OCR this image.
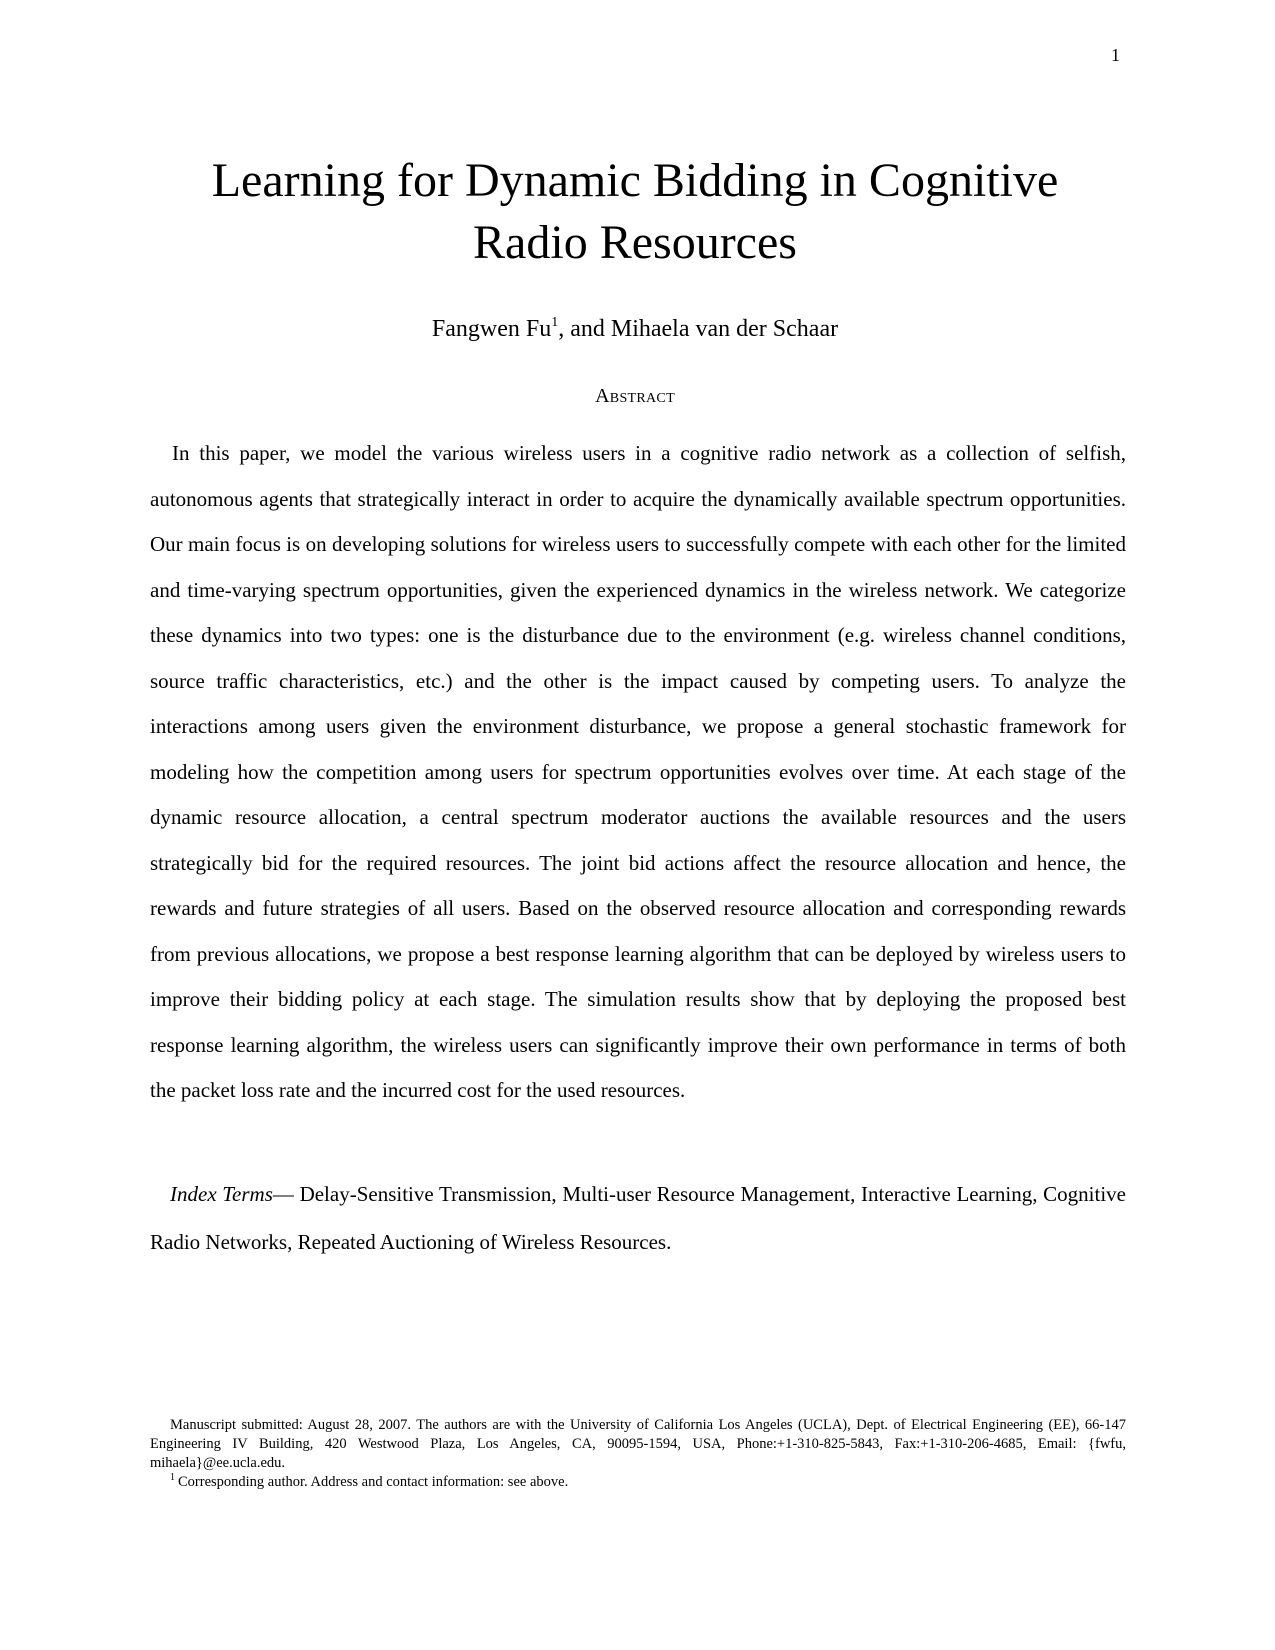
1
Learning for Dynamic Bidding in Cognitive
Radio Resources
Fangwen Fu$^1$, and Mihaela van der Schaar
Abstract

In this paper, we model the various wireless users in a cognitive radio network as a collection of selfish, autonomous agents that strategically interact in order to acquire the dynamically available spectrum opportunities. Our main focus is on developing solutions for wireless users to successfully compete with each other for the limited and time-varying spectrum opportunities, given the experienced dynamics in the wireless network. We categorize these dynamics into two types: one is the disturbance due to the environment (e.g. wireless channel conditions, source traffic characteristics, etc.) and the other is the impact caused by competing users. To analyze the interactions among users given the environment disturbance, we propose a general stochastic framework for modeling how the competition among users for spectrum opportunities evolves over time. At each stage of the dynamic resource allocation, a central spectrum moderator auctions the available resources and the users strategically bid for the required resources. The joint bid actions affect the resource allocation and hence, the rewards and future strategies of all users. Based on the observed resource allocation and corresponding rewards from previous allocations, we propose a best response learning algorithm that can be deployed by wireless users to improve their bidding policy at each stage. The simulation results show that by deploying the proposed best response learning algorithm, the wireless users can significantly improve their own performance in terms of both the packet loss rate and the incurred cost for the used resources.

Index Terms— Delay-Sensitive Transmission, Multi-user Resource Management, Interactive Learning, Cognitive Radio Networks, Repeated Auctioning of Wireless Resources.

Manuscript submitted: August 28, 2007. The authors are with the University of California Los Angeles (UCLA), Dept. of Electrical Engineering (EE), 66-147 Engineering IV Building, 420 Westwood Plaza, Los Angeles, CA, 90095-1594, USA, Phone:+1-310-825-5843, Fax:+1-310-206-4685, Email: {fwfu, mihaela}@ee.ucla.edu.

$^1$ Corresponding author. Address and contact information: see above.
